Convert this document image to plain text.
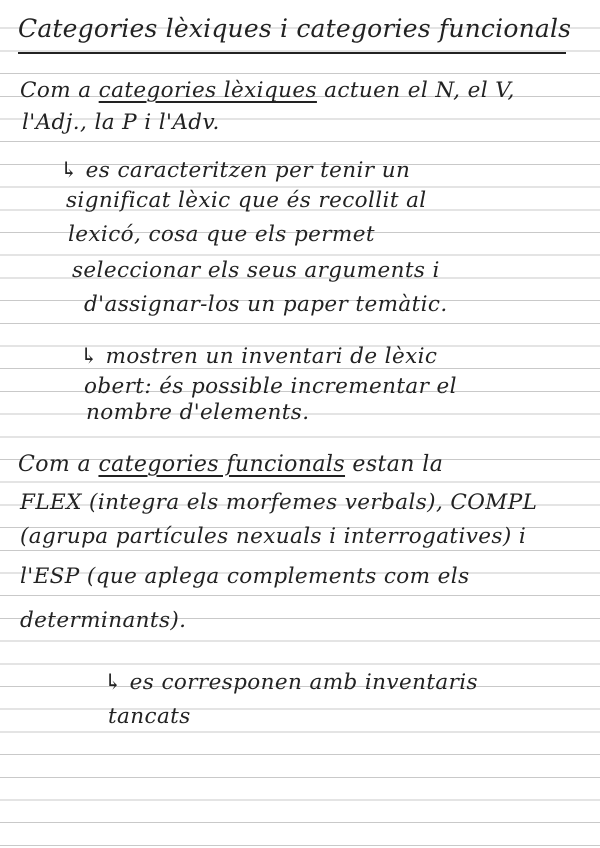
Categories lèxiques i categories funcionals
Com a categories lèxiques actuen el N, el V,
l'Adj., la P i l'Adv.
↳ es caracteritzen per tenir un
significat lèxic que és recollit al
lexicó, cosa que els permet
seleccionar els seus arguments i
d'assignar-los un paper temàtic.
↳ mostren un inventari de lèxic
obert: és possible incrementar el
nombre d'elements.
Com a categories funcionals estan la
FLEX (integra els morfemes verbals), COMPL
(agrupa partícules nexuals i interrogatives) i
l'ESP (que aplega complements com els
determinants).
↳ es corresponen amb inventaris
tancats
